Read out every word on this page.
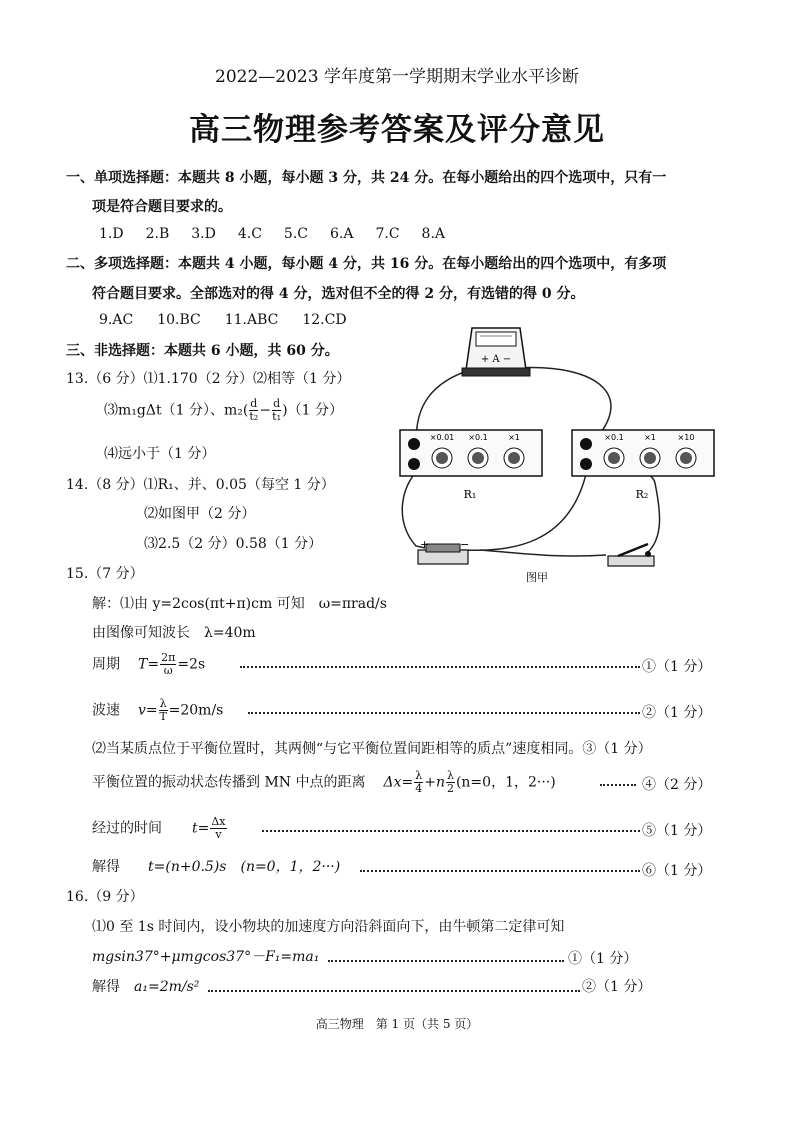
2022—2023 学年度第一学期期末学业水平诊断
高三物理参考答案及评分意见
一、单项选择题：本题共 8 小题，每小题 3 分，共 24 分。在每小题给出的四个选项中，只有一
项是符合题目要求的。
1.D 2.B 3.D 4.C 5.C 6.A 7.C 8.A
二、多项选择题：本题共 4 小题，每小题 4 分，共 16 分。在每小题给出的四个选项中，有多项
符合题目要求。全部选对的得 4 分，选对但不全的得 2 分，有选错的得 0 分。
9.AC 10.BC 11.ABC 12.CD
三、非选择题：本题共 6 小题，共 60 分。
13.（6 分）⑴1.170（2 分）⑵相等（1 分）
⑶m₁gΔt（1 分）、$m_2( \frac{d}{\text{t₂}} - \frac{d}{\text{t₁}} )(1$ 分）
⑷远小于（1 分）
14.（8 分）⑴R₁、并、0.05（每空 1 分）
⑵如图甲（2 分）
⑶2.5（2 分）0.58（1 分）
+ A −
×0.01 ×0.1	×1
R₁
×0.1	×1	×10
R₂
+	−
图甲
15.（7 分）
解：⑴由 y=2cos(πt+π)cm 可知　ω=πrad/s
由图像可知波长　λ=40m
周期 $T= \frac{2\pi}{\omega} =2s$	①（1 分）
波速 $v= \frac{\lambda}{T} =20m/s$	②（1 分）
⑵当某质点位于平衡位置时，其两侧“与它平衡位置间距相等的质点”速度相同。③（1 分）
平衡位置的振动状态传播到 MN 中点的距离 $\Delta x= \frac{\lambda}{4} +n \frac{\lambda}{2} (n=0$，1，2···)	④（2 分）
经过的时间 $t= \frac{\Delta x}{v}$	⑤（1 分）
解得 t=(n+0.5)s　(n=0，1，2···)	⑥（1 分）
16.（9 分）
⑴0 至 1s 时间内，设小物块的加速度方向沿斜面向下，由牛顿第二定律可知
mgsin37°+μmgcos37°－F₁=ma₁	①（1 分）
解得 a₁=2m/s²	②（1 分）
高三物理　第 1 页（共 5 页）
